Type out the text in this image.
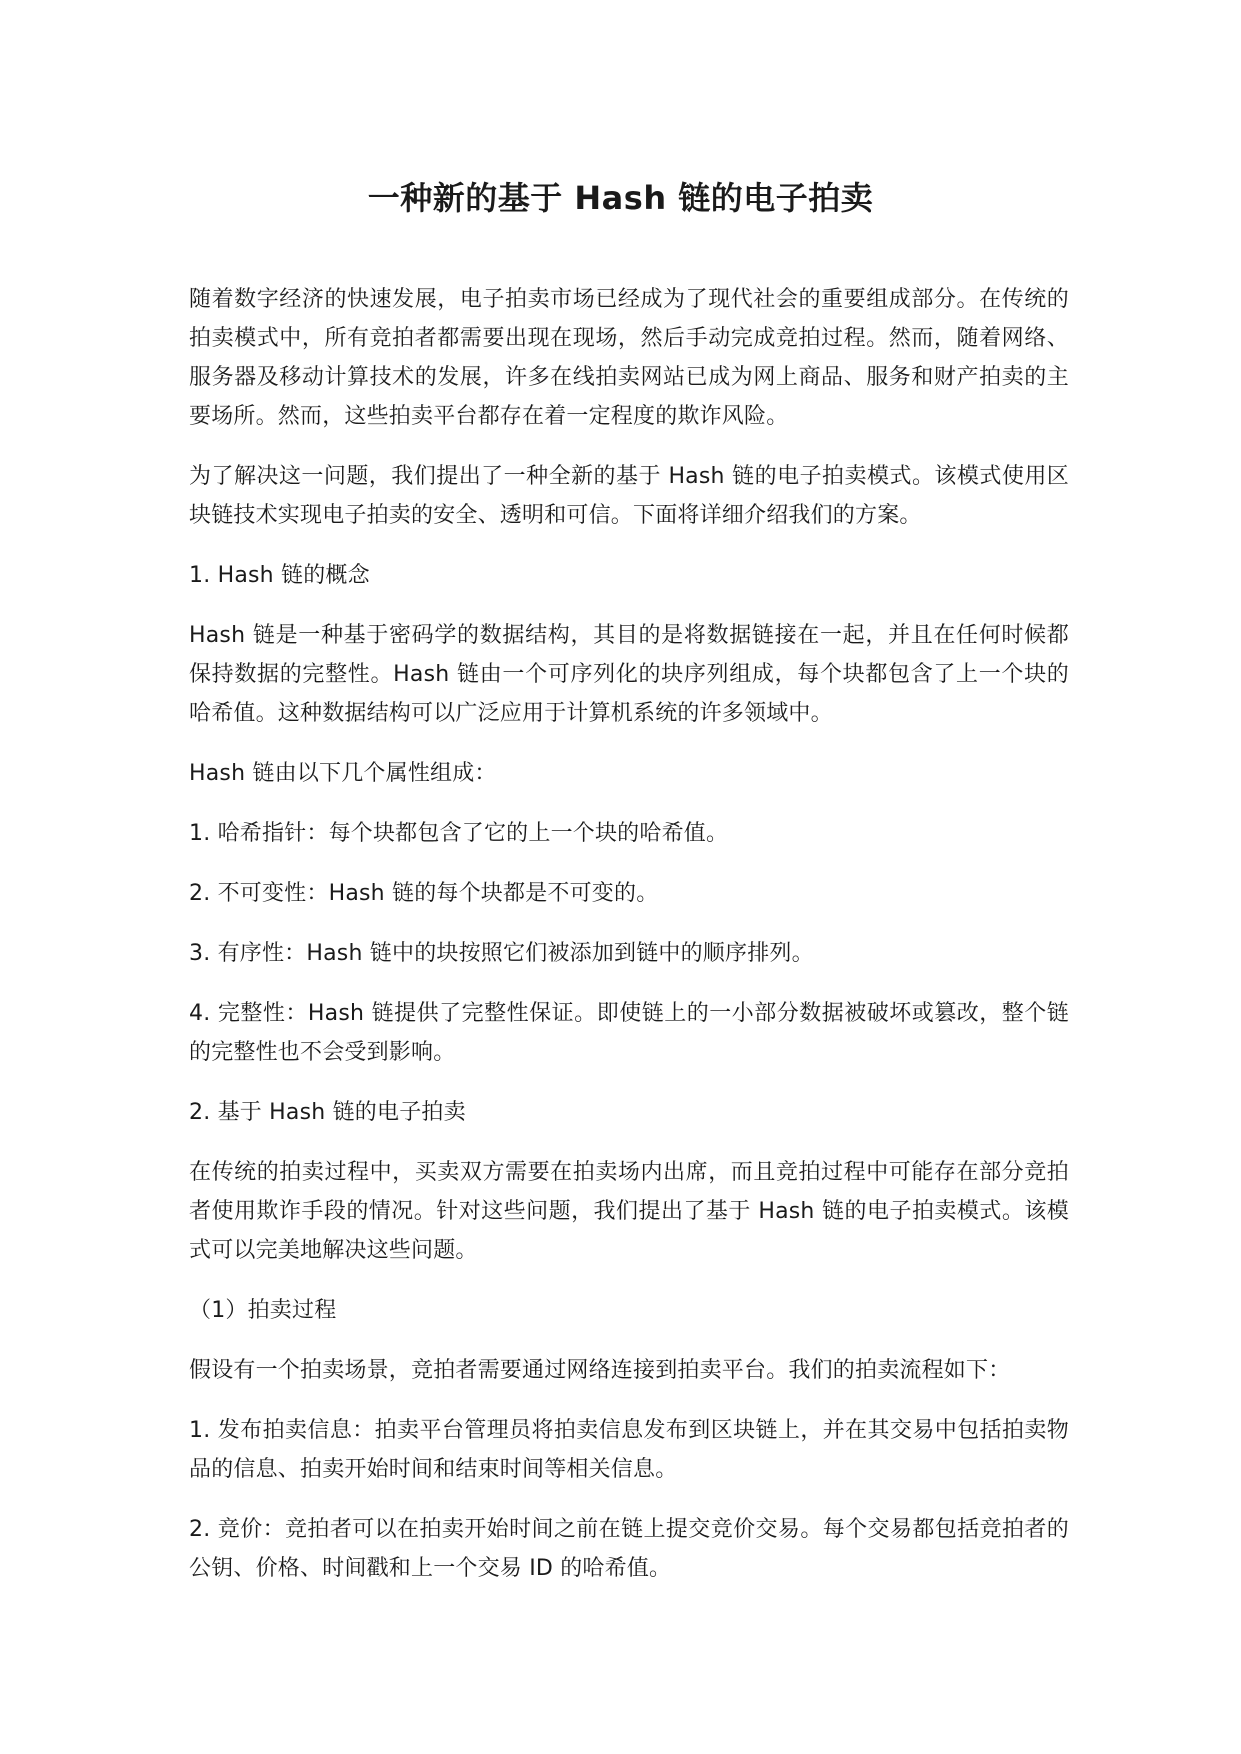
一种新的基于 Hash 链的电子拍卖

随着数字经济的快速发展，电子拍卖市场已经成为了现代社会的重要组成部分。在传统的拍卖模式中，所有竞拍者都需要出现在现场，然后手动完成竞拍过程。然而，随着网络、服务器及移动计算技术的发展，许多在线拍卖网站已成为网上商品、服务和财产拍卖的主要场所。然而，这些拍卖平台都存在着一定程度的欺诈风险。

为了解决这一问题，我们提出了一种全新的基于 Hash 链的电子拍卖模式。该模式使用区块链技术实现电子拍卖的安全、透明和可信。下面将详细介绍我们的方案。

1. Hash 链的概念

Hash 链是一种基于密码学的数据结构，其目的是将数据链接在一起，并且在任何时候都保持数据的完整性。Hash 链由一个可序列化的块序列组成，每个块都包含了上一个块的哈希值。这种数据结构可以广泛应用于计算机系统的许多领域中。

Hash 链由以下几个属性组成：

1. 哈希指针：每个块都包含了它的上一个块的哈希值。

2. 不可变性：Hash 链的每个块都是不可变的。

3. 有序性：Hash 链中的块按照它们被添加到链中的顺序排列。

4. 完整性：Hash 链提供了完整性保证。即使链上的一小部分数据被破坏或篡改，整个链的完整性也不会受到影响。

2. 基于 Hash 链的电子拍卖

在传统的拍卖过程中，买卖双方需要在拍卖场内出席，而且竞拍过程中可能存在部分竞拍者使用欺诈手段的情况。针对这些问题，我们提出了基于 Hash 链的电子拍卖模式。该模式可以完美地解决这些问题。

（1）拍卖过程

假设有一个拍卖场景，竞拍者需要通过网络连接到拍卖平台。我们的拍卖流程如下：

1. 发布拍卖信息：拍卖平台管理员将拍卖信息发布到区块链上，并在其交易中包括拍卖物品的信息、拍卖开始时间和结束时间等相关信息。

2. 竞价：竞拍者可以在拍卖开始时间之前在链上提交竞价交易。每个交易都包括竞拍者的公钥、价格、时间戳和上一个交易 ID 的哈希值。
